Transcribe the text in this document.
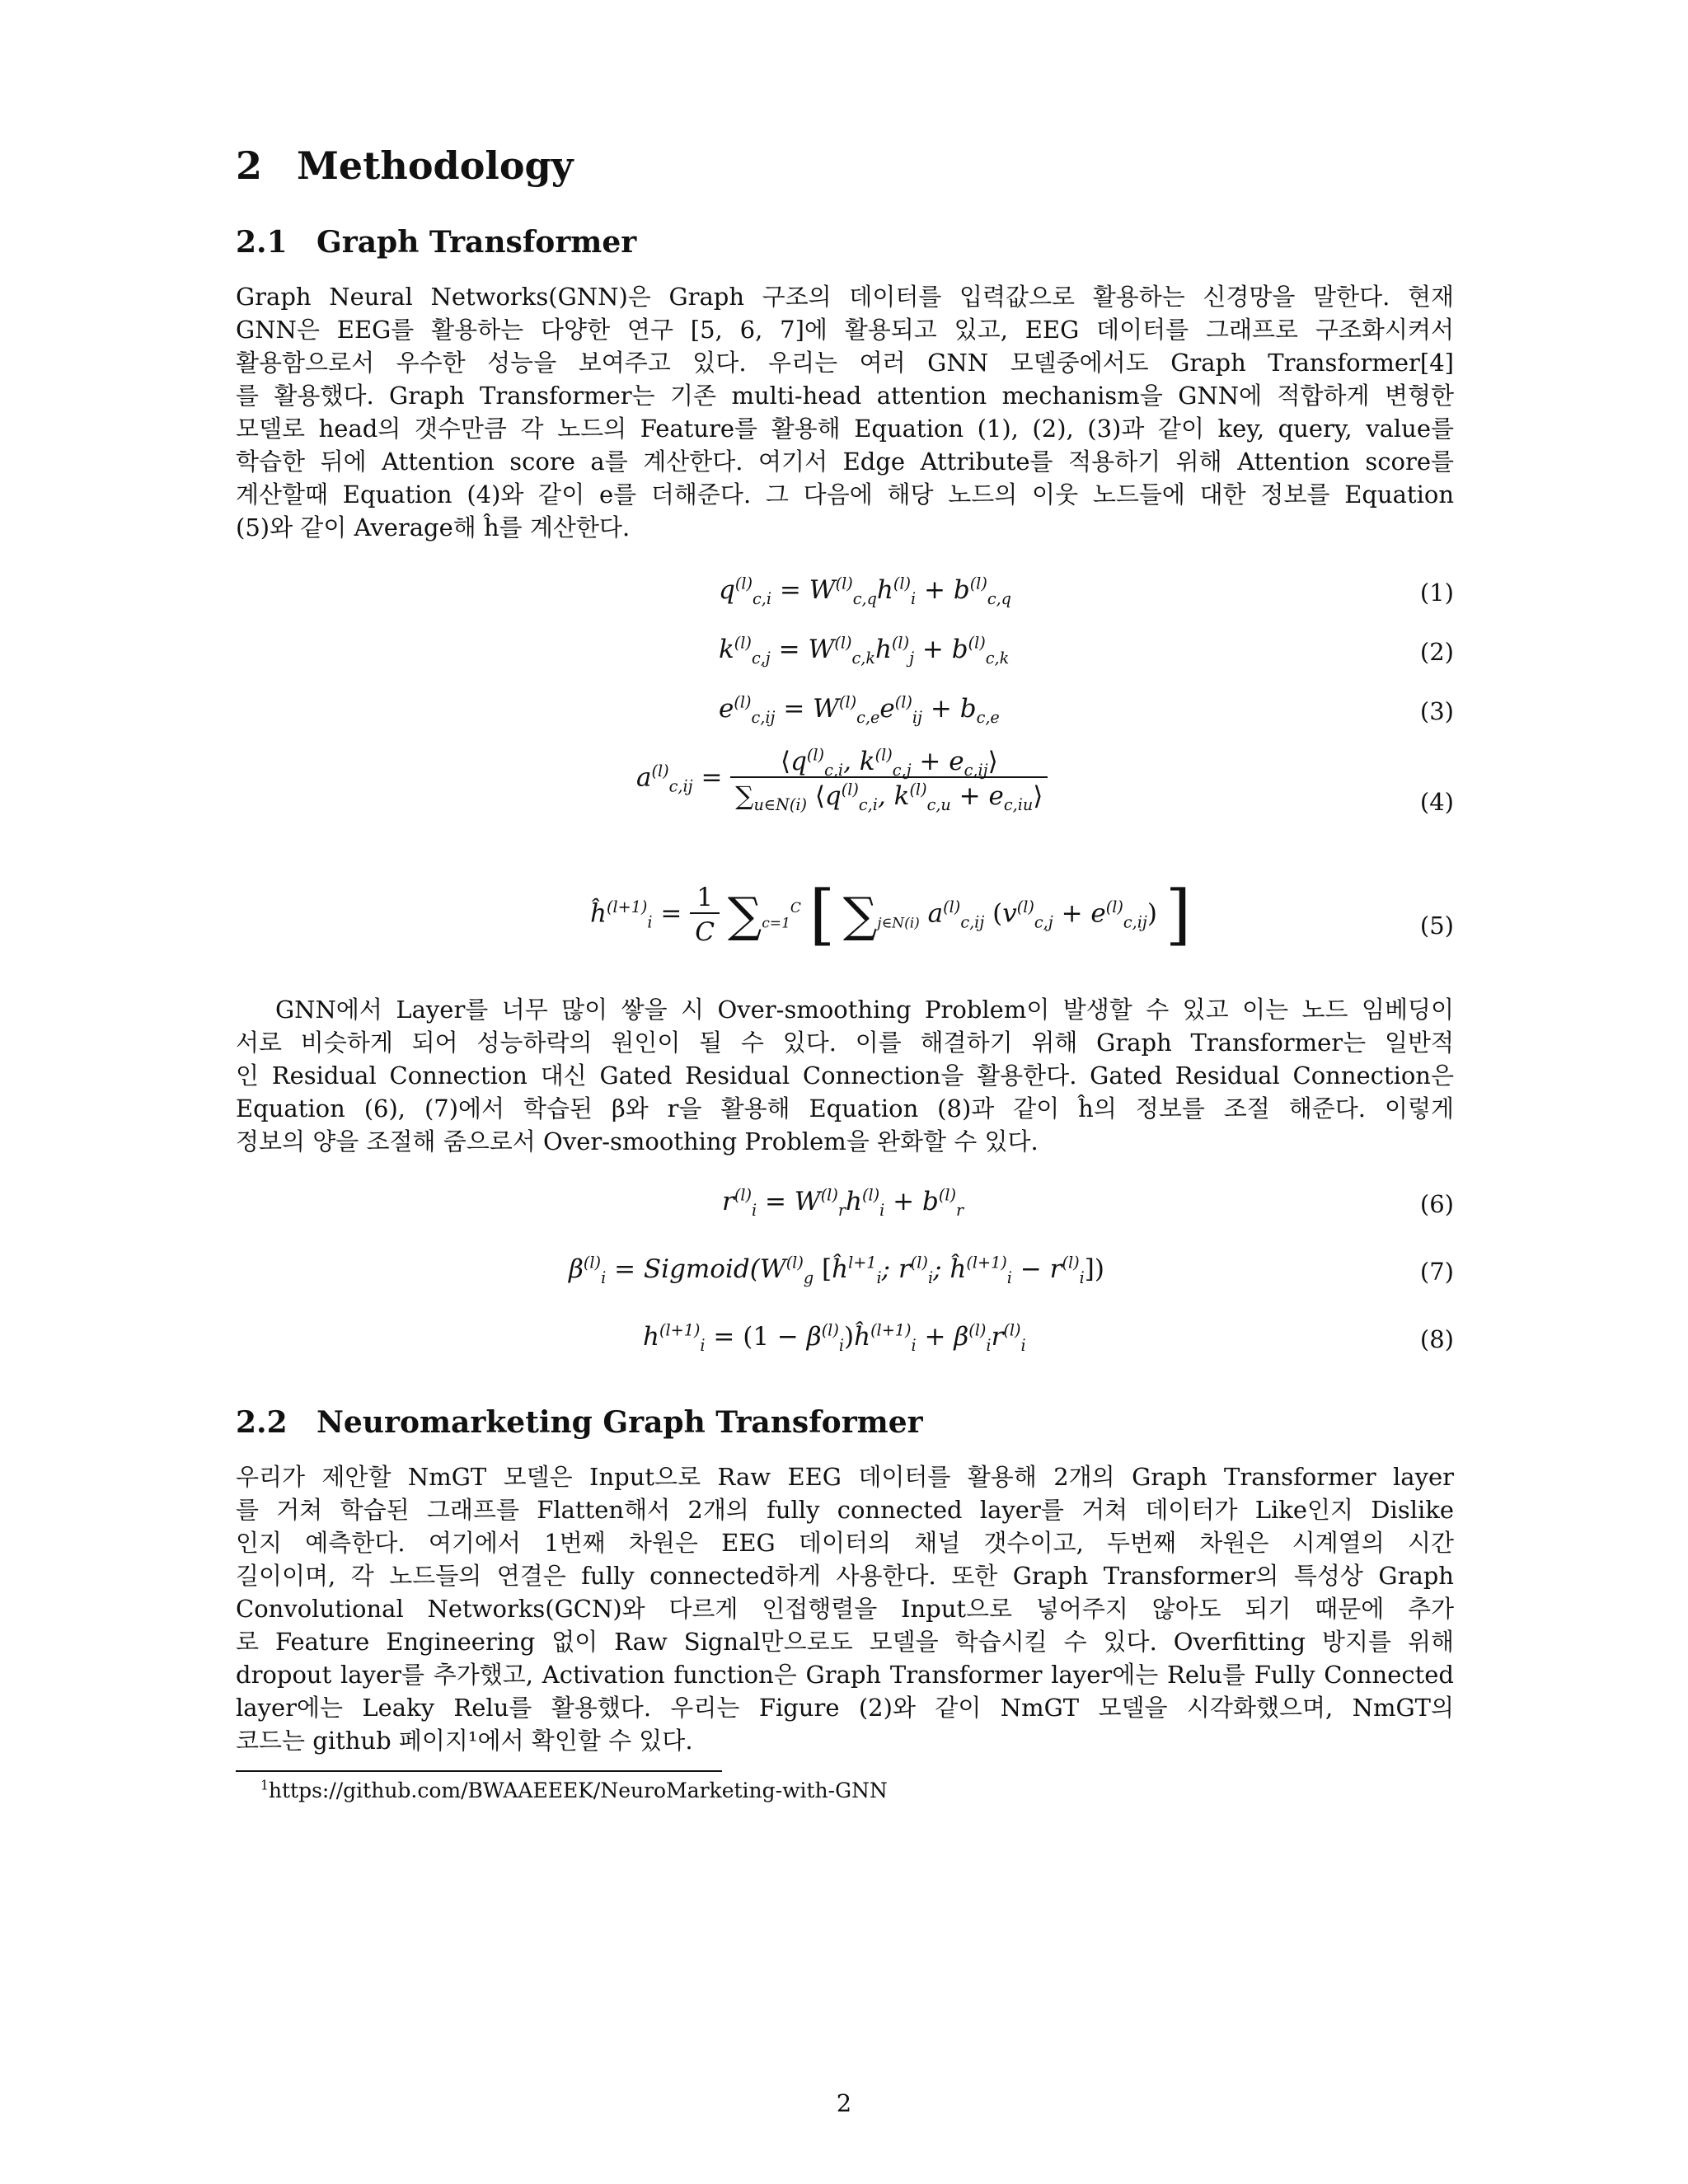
2 Methodology
2.1 Graph Transformer
Graph Neural Networks(GNN)은 Graph 구조의 데이터를 입력값으로 활용하는 신경망을 말한다. 현재
GNN은 EEG를 활용하는 다양한 연구 [5, 6, 7]에 활용되고 있고, EEG 데이터를 그래프로 구조화시켜서
활용함으로서 우수한 성능을 보여주고 있다. 우리는 여러 GNN 모델중에서도 Graph Transformer[4]
를 활용했다. Graph Transformer는 기존 multi-head attention mechanism을 GNN에 적합하게 변형한
모델로 head의 갯수만큼 각 노드의 Feature를 활용해 Equation (1), (2), (3)과 같이 key, query, value를
학습한 뒤에 Attention score a를 계산한다. 여기서 Edge Attribute를 적용하기 위해 Attention score를
계산할때 Equation (4)와 같이 e를 더해준다. 그 다음에 해당 노드의 이웃 노드들에 대한 정보를 Equation
(5)와 같이 Average해 ĥ를 계산한다.
$q^{(l)}_{c,i} = W^{(l)}_{c,q}h^{(l)}_i + b^{(l)}_{c,q}$	(1)
$k^{(l)}_{c,j} = W^{(l)}_{c,k}h^{(l)}_j + b^{(l)}_{c,k}$	(2)
$e^{(l)}_{c,ij} = W^{(l)}_{c,e}e^{(l)}_{ij} + b_{c,e}$	(3)
$a^{(l)}_{c,ij} = \frac{⟨q^{(l)}_{c,i}, k^{(l)}_{c,j} + e_{c,ij}⟩}{\sum_{u\in N(i)} ⟨q^{(l)}_{c,i}, k^{(l)}_{c,u} + e_{c,iu}⟩}$	(4)
$ĥ^{(l+1)}_i = \frac{1}{C} \sum_{c=1}^C$ [ $\sum_{j\in N(i)}$ $a^{(l)}_{c,ij}$ $(v^{(l)}_{c,j} + e^{(l)}_{c,ij})$ ]	(5)
GNN에서 Layer를 너무 많이 쌓을 시 Over-smoothing Problem이 발생할 수 있고 이는 노드 임베딩이
서로 비슷하게 되어 성능하락의 원인이 될 수 있다. 이를 해결하기 위해 Graph Transformer는 일반적
인 Residual Connection 대신 Gated Residual Connection을 활용한다. Gated Residual Connection은
Equation (6), (7)에서 학습된 β와 r을 활용해 Equation (8)과 같이 ĥ의 정보를 조절 해준다. 이렇게
정보의 양을 조절해 줌으로서 Over-smoothing Problem을 완화할 수 있다.
$r^{(l)}_i = W^{(l)}_rh^{(l)}_i + b^{(l)}_r$	(6)
$\beta^{(l)}_i$ = $Sigmoid(W^{(l)}_g$ [$ĥ^{l+1}_i$; $r^{(l)}_i$; $ĥ^{(l+1)}_i - r^{(l)}_i$])	(7)
$h^{(l+1)}_i = (1$ − $\beta^{(l)}_i)ĥ^{(l+1)}_i + \beta^{(l)}_ir^{(l)}_i$	(8)
2.2 Neuromarketing Graph Transformer
우리가 제안할 NmGT 모델은 Input으로 Raw EEG 데이터를 활용해 2개의 Graph Transformer layer
를 거쳐 학습된 그래프를 Flatten해서 2개의 fully connected layer를 거쳐 데이터가 Like인지 Dislike
인지 예측한다. 여기에서 1번째 차원은 EEG 데이터의 채널 갯수이고, 두번째 차원은 시계열의 시간
길이이며, 각 노드들의 연결은 fully connected하게 사용한다. 또한 Graph Transformer의 특성상 Graph
Convolutional Networks(GCN)와 다르게 인접행렬을 Input으로 넣어주지 않아도 되기 때문에 추가
로 Feature Engineering 없이 Raw Signal만으로도 모델을 학습시킬 수 있다. Overfitting 방지를 위해
dropout layer를 추가했고, Activation function은 Graph Transformer layer에는 Relu를 Fully Connected
layer에는 Leaky Relu를 활용했다. 우리는 Figure (2)와 같이 NmGT 모델을 시각화했으며, NmGT의
코드는 github 페이지¹에서 확인할 수 있다.
$^1$https://github.com/BWAAEEEK/NeuroMarketing-with-GNN
2
